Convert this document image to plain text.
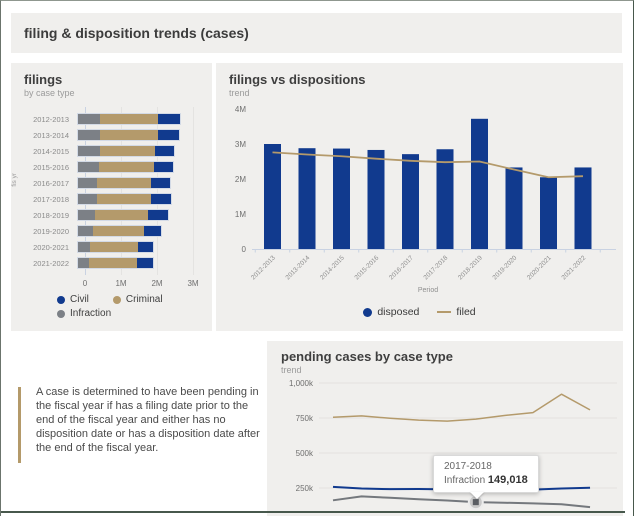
filing & disposition trends (cases)
filings
by case type
fis yr
2012-2013
2013-2014
2014-2015
2015-2016
2016-2017
2017-2018
2018-2019
2019-2020
2020-2021
2021-2022
0	1M	2M	3M
Civil	Criminal
Infraction
filings vs dispositions
trend
0
1M
2M
3M
4M
2012-2013 2013-2014 2014-2015 2015-2016 2016-2017 2017-2018 2018-2019 2019-2020 2020-2021 2021-2022
Period
disposed	filed

A case is determined to have been pending in the fiscal year if has a filing date prior to the end of the fiscal year and either has no disposition date or has a disposition date after the end of the fiscal year.

pending cases by case type
trend
250k
500k
750k
1,000k
2017-2018
Infraction 149,018
